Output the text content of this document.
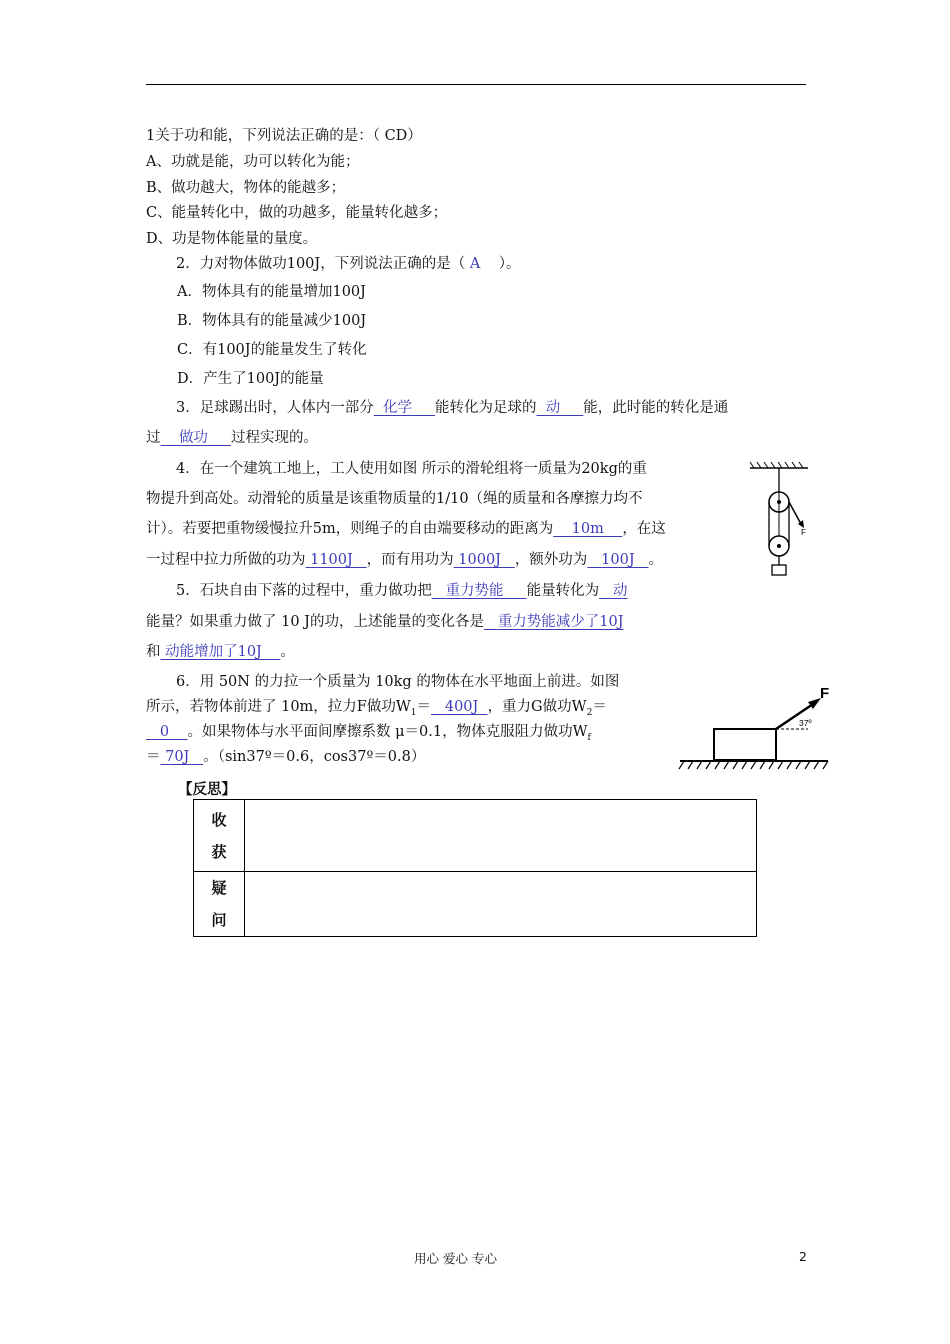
1关于功和能，下列说法正确的是：（ CD）
A、功就是能，功可以转化为能；
B、做功越大，物体的能越多；
C、能量转化中，做的功越多，能量转化越多；
D、功是物体能量的量度。
2．力对物体做功100J，下列说法正确的是（ A ）。
A．物体具有的能量增加100J
B．物体具有的能量减少100J
C．有100J的能量发生了转化
D．产生了100J的能量
3．足球踢出时，人体内一部分 化学 能转化为足球的 动 能，此时能的转化是通
过 做功 过程实现的。
4．在一个建筑工地上，工人使用如图 所示的滑轮组将一质量为20kg的重
物提升到高处。动滑轮的质量是该重物质量的1/10（绳的质量和各摩擦力均不
计）。若要把重物缓慢拉升5m，则绳子的自由端要移动的距离为 10m ，在这
一过程中拉力所做的功为 1100J ，而有用功为 1000J ，额外功为 100J 。
F
5．石块自由下落的过程中，重力做功把 重力势能 能量转化为 动
能量？如果重力做了 10 J的功，上述能量的变化各是 重力势能减少了10J
和 动能增加了10J 。
6．用 50N 的力拉一个质量为 10kg 的物体在水平地面上前进。如图
所示，若物体前进了 10m，拉力F做功$W_1= 400J$ ，重力G做功$W_2=$
0 。如果物体与水平面间摩擦系数 μ＝0.1，物体克服阻力做功$W_f$
＝ 70J 。（sin37º＝0.6，cos37º＝0.8）
F
37º
【反思】
收
获	

疑
问	

用心 爱心 专心	2
